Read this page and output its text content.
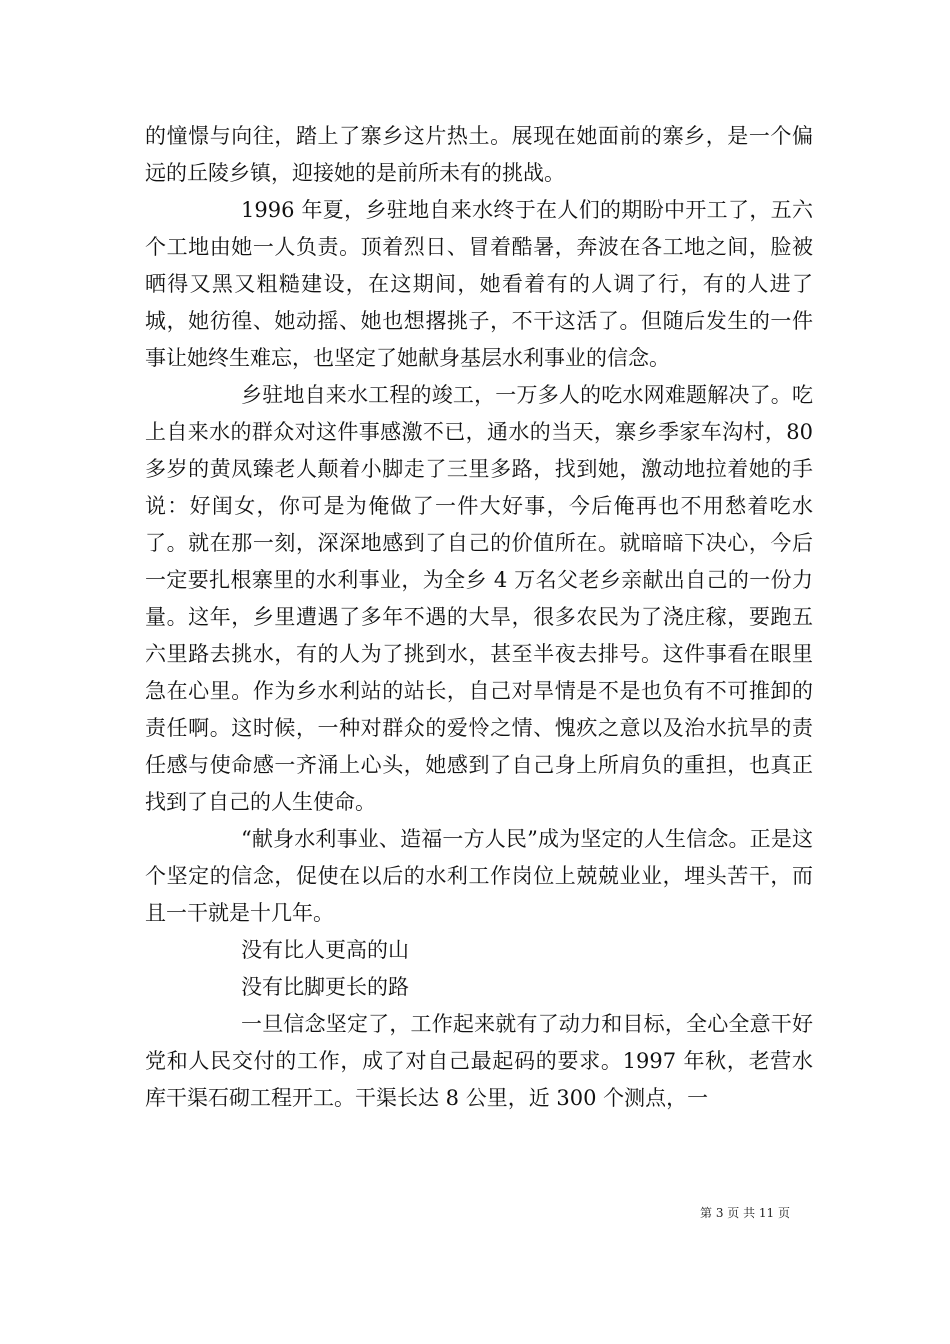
的憧憬与向往，踏上了寨乡这片热土。展现在她面前的寨乡，是一个偏远的丘陵乡镇，迎接她的是前所未有的挑战。

1996 年夏，乡驻地自来水终于在人们的期盼中开工了，五六个工地由她一人负责。顶着烈日、冒着酷暑，奔波在各工地之间，脸被晒得又黑又粗糙建设，在这期间，她看着有的人调了行，有的人进了城，她彷徨、她动摇、她也想撂挑子，不干这活了。但随后发生的一件事让她终生难忘，也坚定了她献身基层水利事业的信念。

乡驻地自来水工程的竣工，一万多人的吃水网难题解决了。吃上自来水的群众对这件事感激不已，通水的当天，寨乡季家车沟村，80 多岁的黄凤臻老人颠着小脚走了三里多路，找到她，激动地拉着她的手说：好闺女，你可是为俺做了一件大好事，今后俺再也不用愁着吃水了。就在那一刻，深深地感到了自己的价值所在。就暗暗下决心，今后一定要扎根寨里的水利事业，为全乡 4 万名父老乡亲献出自己的一份力量。这年，乡里遭遇了多年不遇的大旱，很多农民为了浇庄稼，要跑五六里路去挑水，有的人为了挑到水，甚至半夜去排号。这件事看在眼里急在心里。作为乡水利站的站长，自己对旱情是不是也负有不可推卸的责任啊。这时候，一种对群众的爱怜之情、愧疚之意以及治水抗旱的责任感与使命感一齐涌上心头，她感到了自己身上所肩负的重担，也真正找到了自己的人生使命。

“献身水利事业、造福一方人民”成为坚定的人生信念。正是这个坚定的信念，促使在以后的水利工作岗位上兢兢业业，埋头苦干，而且一干就是十几年。

没有比人更高的山

没有比脚更长的路

一旦信念坚定了，工作起来就有了动力和目标，全心全意干好党和人民交付的工作，成了对自己最起码的要求。1997 年秋，老营水库干渠石砌工程开工。干渠长达 8 公里，近 300 个测点，一

第 3 页 共 11 页
